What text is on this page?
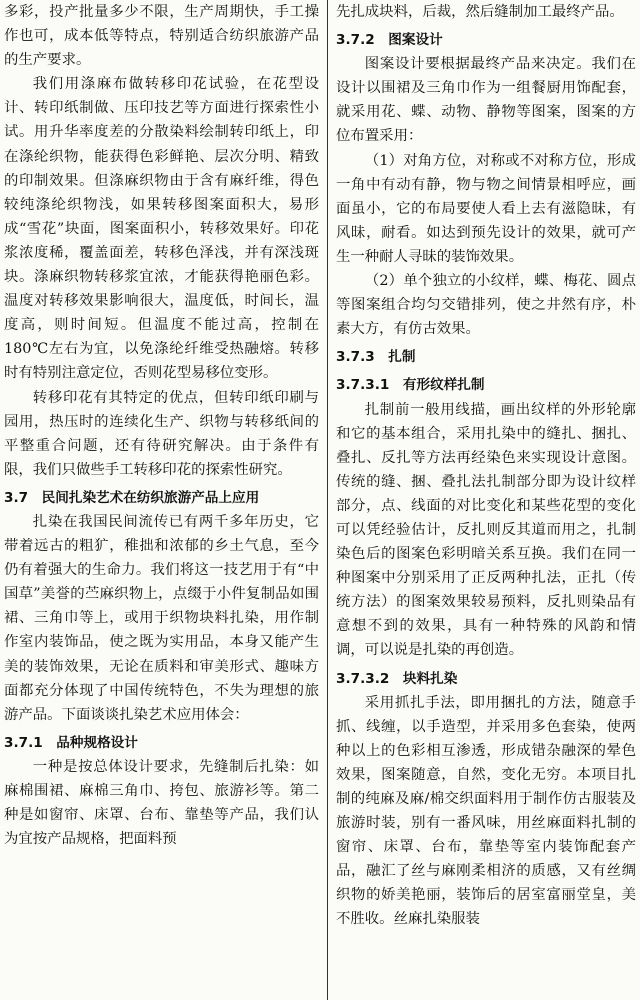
多彩，投产批量多少不限，生产周期快，手工操作也可，成本低等特点，特别适合纺织旅游产品的生产要求。

我们用涤麻布做转移印花试验，在花型设计、转印纸制做、压印技艺等方面进行探索性小试。用升华率度差的分散染料绘制转印纸上，印在涤纶织物，能获得色彩鲜艳、层次分明、精致的印制效果。但涤麻织物由于含有麻纤维，得色较纯涤纶织物浅，如果转移图案面积大，易形成“雪花”块面，图案面积小，转移效果好。印花浆浓度稀，覆盖面差，转移色泽浅，并有深浅斑块。涤麻织物转移浆宜浓，才能获得艳丽色彩。温度对转移效果影响很大，温度低，时间长，温度高，则时间短。但温度不能过高，控制在180℃左右为宜，以免涤纶纤维受热融熔。转移时有特别注意定位，否则花型易移位变形。

转移印花有其特定的优点，但转印纸印刷与园用，热压时的连续化生产、织物与转移纸间的平整重合问题，还有待研究解决。由于条件有限，我们只做些手工转移印花的探索性研究。

3.7　民间扎染艺术在纺织旅游产品上应用

扎染在我国民间流传已有两千多年历史，它带着远古的粗犷，稚拙和浓郁的乡土气息，至今仍有着强大的生命力。我们将这一技艺用于有“中国草”美誉的苎麻织物上，点缀于小件复制品如围裙、三角巾等上，或用于织物块料扎染，用作制作室内装饰品，使之既为实用品，本身又能产生美的装饰效果，无论在质料和审美形式、趣味方面都充分体现了中国传统特色，不失为理想的旅游产品。下面谈谈扎染艺术应用体会：

3.7.1　品种规格设计

一种是按总体设计要求，先缝制后扎染：如麻棉围裙、麻棉三角巾、挎包、旅游衫等。第二种是如窗帘、床罩、台布、靠垫等产品，我们认为宜按产品规格，把面料预

先扎成块料，后裁，然后缝制加工最终产品。

3.7.2　图案设计

图案设计要根据最终产品来决定。我们在设计以围裙及三角巾作为一组餐厨用饰配套，就采用花、蝶、动物、静物等图案，图案的方位布置采用：

（1）对角方位，对称或不对称方位，形成一角中有动有静，物与物之间情景相呼应，画面虽小，它的布局要使人看上去有滋隐昧，有风昧，耐看。如达到预先设计的效果，就可产生一种耐人寻昧的装饰效果。

（2）单个独立的小纹样，蝶、梅花、圆点等图案组合均匀交错排列，使之井然有序，朴素大方，有仿古效果。

3.7.3　扎制

3.7.3.1　有形纹样扎制

扎制前一般用线描，画出纹样的外形轮廓和它的基本组合，采用扎染中的缝扎、捆扎、叠扎、反扎等方法再经染色来实现设计意图。传统的缝、捆、叠扎法扎制部分即为设计纹样部分，点、线面的对比变化和某些花型的变化可以凭经验估计，反扎则反其道而用之，扎制染色后的图案色彩明暗关系互换。我们在同一种图案中分别采用了正反两种扎法，正扎（传统方法）的图案效果较易预料，反扎则染品有意想不到的效果，具有一种特殊的风韵和情调，可以说是扎染的再创造。

3.7.3.2　块料扎染

采用抓扎手法，即用捆扎的方法，随意手抓、线缠，以手造型，并采用多色套染，使两种以上的色彩相互渗透，形成错杂融深的晕色效果，图案随意，自然，变化无穷。本项目扎制的纯麻及麻/棉交织面料用于制作仿古服装及旅游时装，别有一番风味，用丝麻面料扎制的窗帘、床罩、台布，靠垫等室内装饰配套产品，融汇了丝与麻刚柔相济的质感，又有丝绸织物的娇美艳丽，装饰后的居室富丽堂皇，美不胜收。丝麻扎染服装
